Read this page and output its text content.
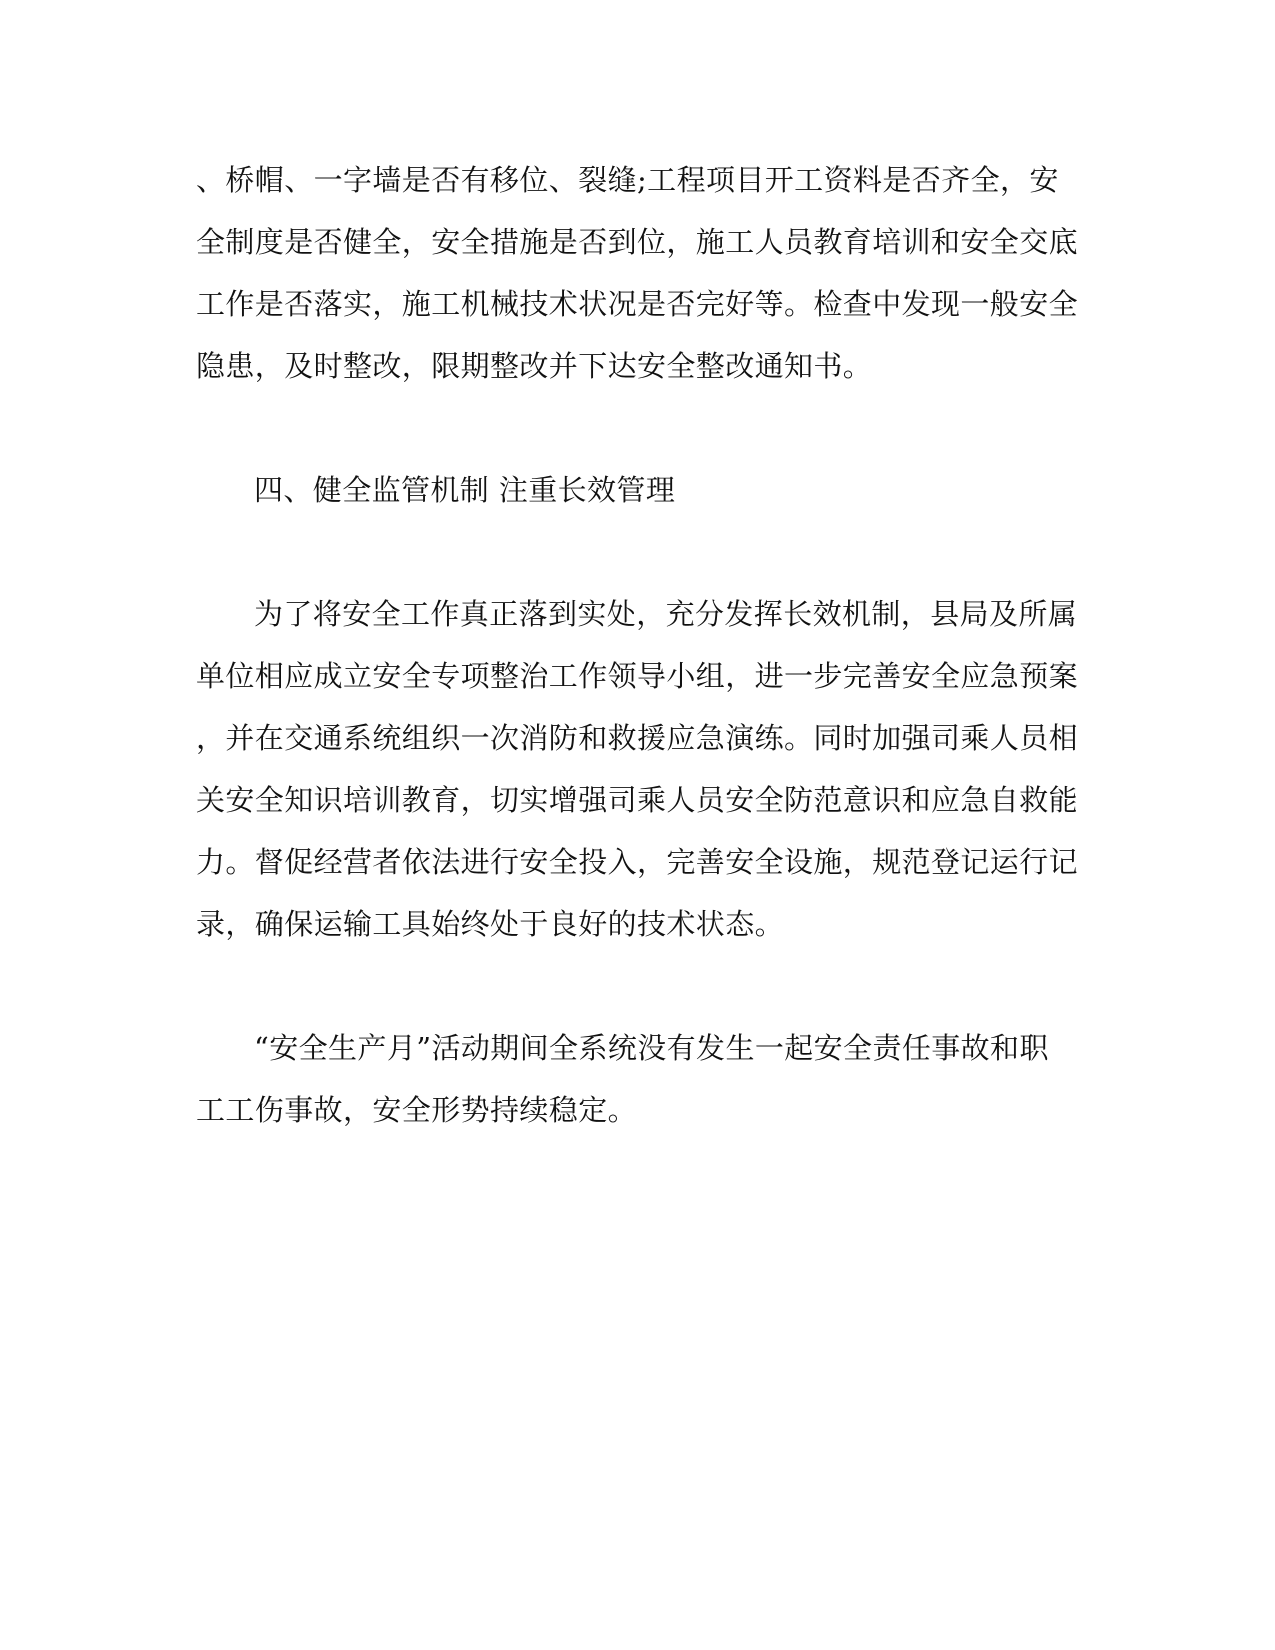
、桥帽、一字墙是否有移位、裂缝;工程项目开工资料是否齐全，安
全制度是否健全，安全措施是否到位，施工人员教育培训和安全交底
工作是否落实，施工机械技术状况是否完好等。检查中发现一般安全
隐患，及时整改，限期整改并下达安全整改通知书。
四、健全监管机制 注重长效管理
为了将安全工作真正落到实处，充分发挥长效机制，县局及所属
单位相应成立安全专项整治工作领导小组，进一步完善安全应急预案
，并在交通系统组织一次消防和救援应急演练。同时加强司乘人员相
关安全知识培训教育，切实增强司乘人员安全防范意识和应急自救能
力。督促经营者依法进行安全投入，完善安全设施，规范登记运行记
录，确保运输工具始终处于良好的技术状态。
“安全生产月”活动期间全系统没有发生一起安全责任事故和职
工工伤事故，安全形势持续稳定。
